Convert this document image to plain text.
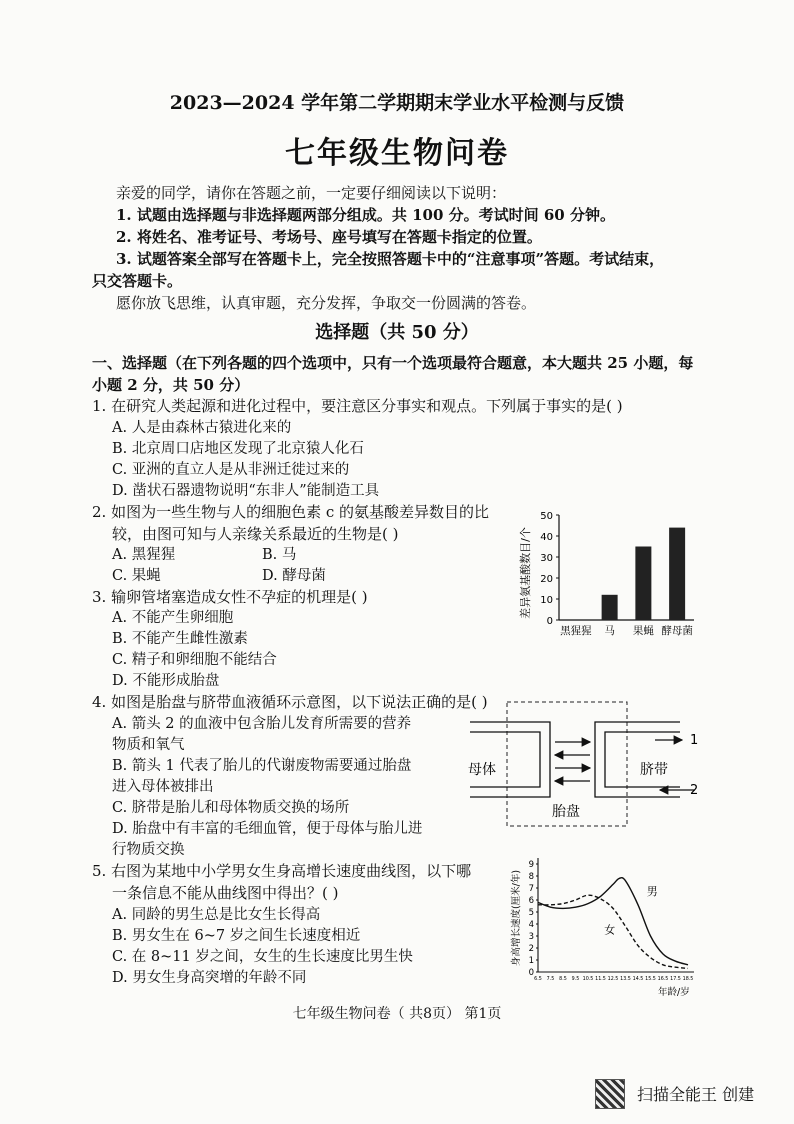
2023—2024 学年第二学期期末学业水平检测与反馈
七年级生物问卷
亲爱的同学，请你在答题之前，一定要仔细阅读以下说明：
1. 试题由选择题与非选择题两部分组成。共 100 分。考试时间 60 分钟。
2. 将姓名、准考证号、考场号、座号填写在答题卡指定的位置。
3. 试题答案全部写在答题卡上，完全按照答题卡中的“注意事项”答题。考试结束，
只交答题卡。
愿你放飞思维，认真审题，充分发挥，争取交一份圆满的答卷。
选择题（共 50 分）
一、选择题（在下列各题的四个选项中，只有一个选项最符合题意，本大题共 25 小题，每
小题 2 分，共 50 分）
1. 在研究人类起源和进化过程中，要注意区分事实和观点。下列属于事实的是( )
A. 人是由森林古猿进化来的
B. 北京周口店地区发现了北京猿人化石
C. 亚洲的直立人是从非洲迁徙过来的
D. 凿状石器遗物说明“东非人”能制造工具
2. 如图为一些生物与人的细胞色素 c 的氨基酸差异数目的比
较，由图可知与人亲缘关系最近的生物是( )
A. 黑猩猩	B. 马
C. 果蝇	D. 酵母菌	差异氨基酸数目/个
0
10
20
30
40
50
黑猩猩 马 果蝇 酵母菌
3. 输卵管堵塞造成女性不孕症的机理是( )
A. 不能产生卵细胞
B. 不能产生雌性激素
C. 精子和卵细胞不能结合
D. 不能形成胎盘
4. 如图是胎盘与脐带血液循环示意图，以下说法正确的是( )
A. 箭头 2 的血液中包含胎儿发育所需要的营养
物质和氧气
B. 箭头 1 代表了胎儿的代谢废物需要通过胎盘
进入母体被排出
C. 脐带是胎儿和母体物质交换的场所
D. 胎盘中有丰富的毛细血管，便于母体与胎儿进
行物质交换
1
2
母体	脐带
胎盘
5. 右图为某地中小学男女生身高增长速度曲线图，以下哪
一条信息不能从曲线图中得出？( )
A. 同龄的男生总是比女生长得高
B. 男女生在 6~7 岁之间生长速度相近
C. 在 8~11 岁之间，女生的生长速度比男生快
D. 男女生身高突增的年龄不同
身高增长速度(厘米/年)
年龄/岁
0
1
2
3
4
5
6
7
8
9
6.5 7.5 8.5 9.5 10.5 11.5 12.5 13.5 14.5 15.5 16.5 17.5 18.5
男
女
七年级生物问卷（ 共8页） 第1页
扫描全能王 创建
